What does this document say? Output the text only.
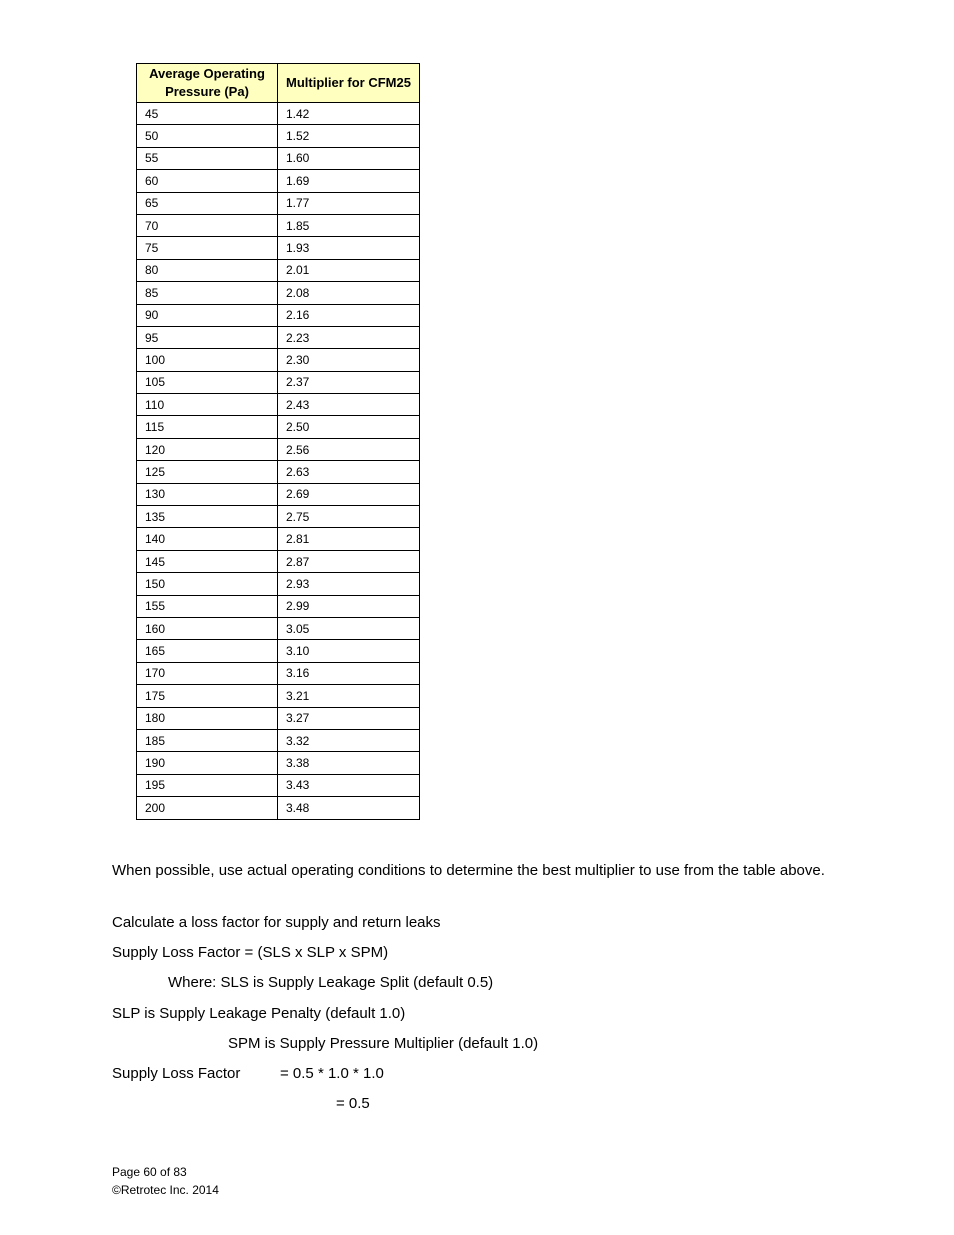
Average Operating Pressure (Pa)	Multiplier for CFM25
45	1.42
50	1.52
55	1.60
60	1.69
65	1.77
70	1.85
75	1.93
80	2.01
85	2.08
90	2.16
95	2.23
100	2.30
105	2.37
110	2.43
115	2.50
120	2.56
125	2.63
130	2.69
135	2.75
140	2.81
145	2.87
150	2.93
155	2.99
160	3.05
165	3.10
170	3.16
175	3.21
180	3.27
185	3.32
190	3.38
195	3.43
200	3.48
When possible, use actual operating conditions to determine the best multiplier to use from the table above.
Calculate a loss factor for supply and return leaks
Supply Loss Factor = (SLS x SLP x SPM)
Where: SLS is Supply Leakage Split (default 0.5)
SLP is Supply Leakage Penalty (default 1.0)
SPM is Supply Pressure Multiplier (default 1.0)
Supply Loss Factor	= 0.5 * 1.0 * 1.0
= 0.5
Page 60 of 83
©Retrotec Inc. 2014
